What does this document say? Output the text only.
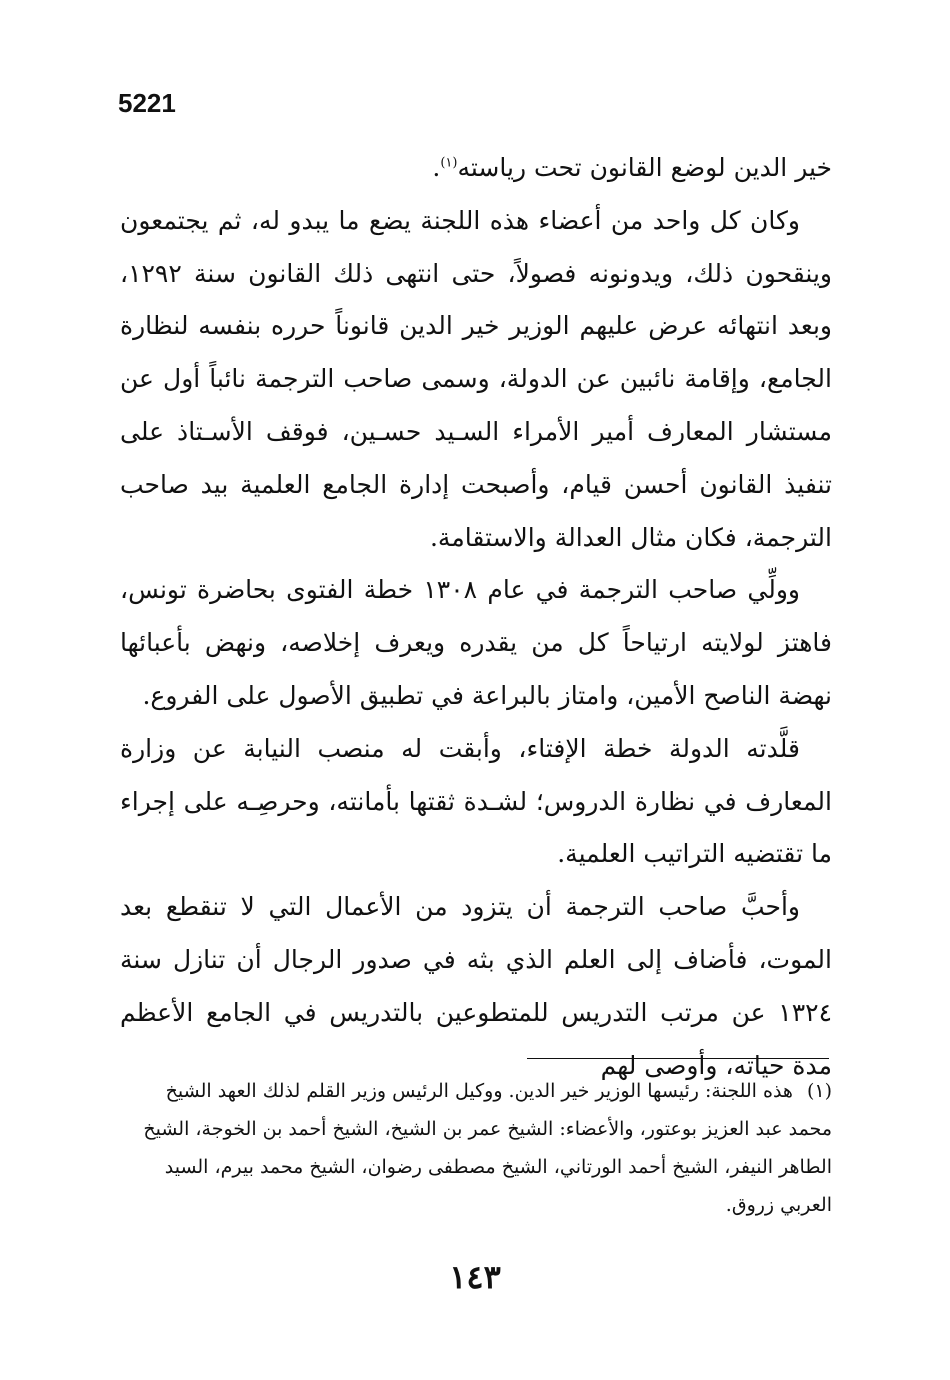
5221

خير الدين لوضع القانون تحت رياسته$^{(١)}$.

وكان كل واحد من أعضاء هذه اللجنة يضع ما يبدو له، ثم يجتمعون وينقحون ذلك، ويدونونه فصولاً، حتى انتهى ذلك القانون سنة ١٢٩٢، وبعد انتهائه عرض عليهم الوزير خير الدين قانوناً حرره بنفسه لنظارة الجامع، وإقامة نائبين عن الدولة، وسمى صاحب الترجمة نائباً أول عن مستشار المعارف أمير الأمراء السـيد حسـين، فوقف الأسـتاذ على تنفيذ القانون أحسن قيام، وأصبحت إدارة الجامع العلمية بيد صاحب الترجمة، فكان مثال العدالة والاستقامة.

وولِّي صاحب الترجمة في عام ١٣٠٨ خطة الفتوى بحاضرة تونس، فاهتز لولايته ارتياحاً كل من يقدره ويعرف إخلاصه، ونهض بأعبائها نهضة الناصح الأمين، وامتاز بالبراعة في تطبيق الأصول على الفروع.

قلَّدته الدولة خطة الإفتاء، وأبقت له منصب النيابة عن وزارة المعارف في نظارة الدروس؛ لشـدة ثقتها بأمانته، وحرصِـه على إجراء ما تقتضيه التراتيب العلمية.

وأحبَّ صاحب الترجمة أن يتزود من الأعمال التي لا تنقطع بعد الموت، فأضاف إلى العلم الذي بثه في صدور الرجال أن تنازل سنة ١٣٢٤ عن مرتب التدريس للمتطوعين بالتدريس في الجامع الأعظم مدة حياته، وأوصى لهم

(١)هذه اللجنة: رئيسها الوزير خير الدين. ووكيل الرئيس وزير القلم لذلك العهد الشيخ محمد عبد العزيز بوعتور، والأعضاء: الشيخ عمر بن الشيخ، الشيخ أحمد بن الخوجة، الشيخ الطاهر النيفر، الشيخ أحمد الورتاني، الشيخ مصطفى رضوان، الشيخ محمد بيرم، السيد العربي زروق.
١٤٣
